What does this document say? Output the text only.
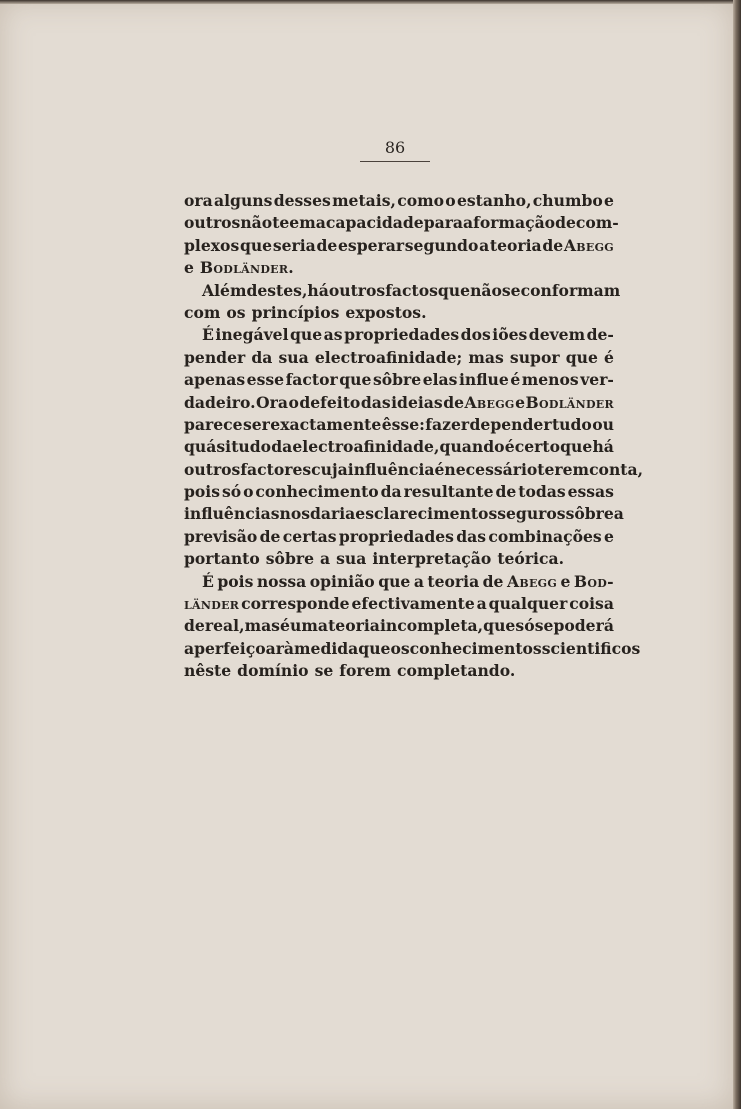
86
ora alguns desses metais, como o estanho, chumbo e
outros não teem a capacidade para a formação de com-
plexos que seria de esperar segundo a teoria de Abegg
e Bodländer.
Além destes, há outros factos que não se conformam
com os princípios expostos.
É inegável que as propriedades dos iões devem de-
pender da sua electroafinidade; mas supor que é
apenas esse factor que sôbre elas influe é menos ver-
dadeiro. Ora o defeito das ideias de Abegg e Bodländer
parece ser exactamente êsse: fazer depender tudo ou
quási tudo da electroafinidade, quando é certo que há
outros factores cuja influência é necessário ter em conta,
pois só o conhecimento da resultante de todas essas
influências nos daria esclarecimentos seguros sôbre a
previsão de certas propriedades das combinações e
portanto sôbre a sua interpretação teórica.
É pois nossa opinião que a teoria de Abegg e Bod-
länder corresponde efectivamente a qualquer coisa
de real, mas é uma teoria incompleta, que só se poderá
aperfeiçoar à medida que os conhecimentos scientificos
nêste domínio se forem completando.
